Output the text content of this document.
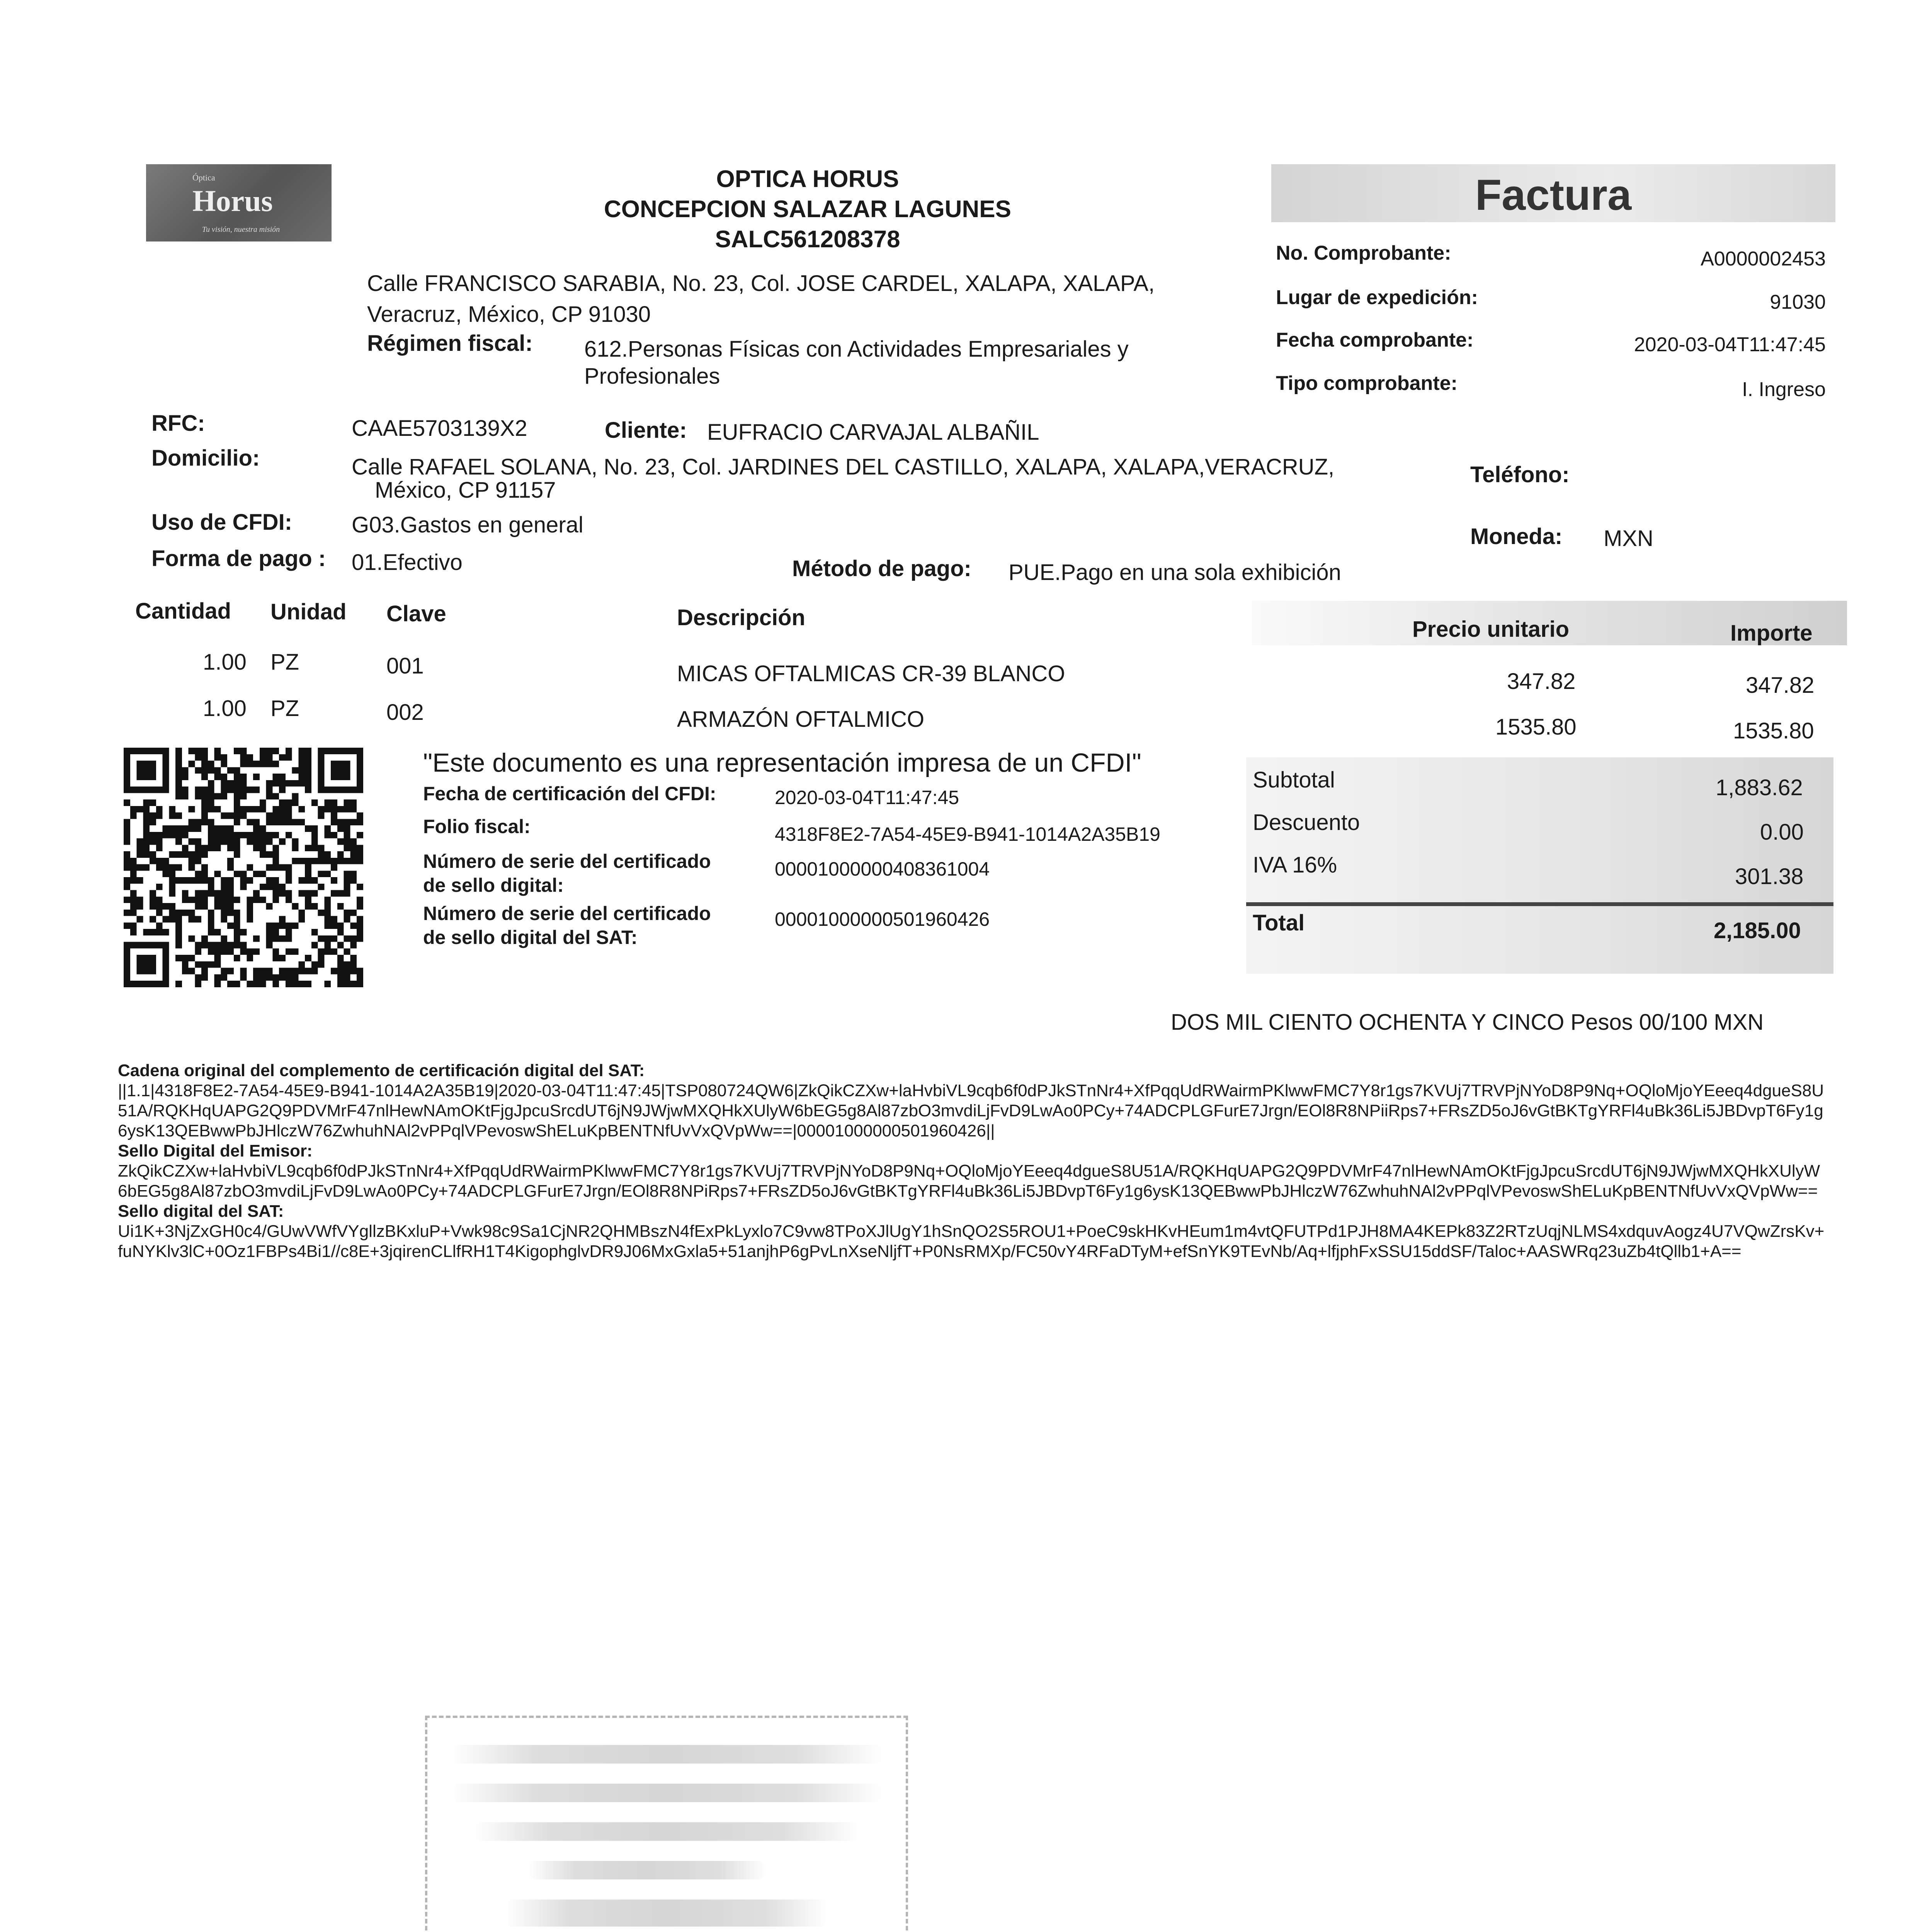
Óptica
Horus
Tu visión, nuestra misión
OPTICA HORUS
CONCEPCION SALAZAR LAGUNES
SALC561208378
Calle FRANCISCO SARABIA, No. 23, Col. JOSE CARDEL, XALAPA, XALAPA,
Veracruz, México, CP 91030
Régimen fiscal: 612.Personas Físicas con Actividades Empresariales y
Profesionales
Factura
No. Comprobante:	A0000002453
Lugar de expedición:	91030
Fecha comprobante:	2020-03-04T11:47:45
Tipo comprobante:	I. Ingreso
RFC:	CAAE5703139X2	Cliente: EUFRACIO CARVAJAL ALBAÑIL
Domicilio:	Calle RAFAEL SOLANA, No. 23, Col. JARDINES DEL CASTILLO, XALAPA, XALAPA,VERACRUZ,
México, CP 91157
Teléfono:
Uso de CFDI:	G03.Gastos en general	Moneda: MXN
Forma de pago : 01.Efectivo	Método de pago: PUE.Pago en una sola exhibición
Cantidad Unidad Clave	Descripción	Precio unitario	Importe
1.00 PZ	001	MICAS OFTALMICAS CR-39 BLANCO	347.82	347.82
1.00 PZ	002	ARMAZÓN OFTALMICO	1535.80	1535.80
"Este documento es una representación impresa de un CFDI"
Fecha de certificación del CFDI:	2020-03-04T11:47:45
Folio fiscal:	4318F8E2-7A54-45E9-B941-1014A2A35B19
Número de serie del certificado
de sello digital:
00001000000408361004
Número de serie del certificado
de sello digital del SAT:
00001000000501960426
Subtotal	1,883.62
Descuento	0.00
IVA 16%	301.38
Total	2,185.00
DOS MIL CIENTO OCHENTA Y CINCO Pesos 00/100 MXN
Cadena original del complemento de certificación digital del SAT:
||1.1|4318F8E2-7A54-45E9-B941-1014A2A35B19|2020-03-04T11:47:45|TSP080724QW6|ZkQikCZXw+laHvbiVL9cqb6f0dPJkSTnNr4+XfPqqUdRWairmPKlwwFMC7Y8r1gs7KVUj7TRVPjNYoD8P9Nq+OQloMjoYEeeq4dgueS8U51A/RQKHqUAPG2Q9PDVMrF47nlHewNAmOKtFjgJpcuSrcdUT6jN9JWjwMXQHkXUlyW6bEG5g8Al87zbO3mvdiLjFvD9LwAo0PCy+74ADCPLGFurE7Jrgn/EOl8R8NPiiRps7+FRsZD5oJ6vGtBKTgYRFl4uBk36Li5JBDvpT6Fy1g6ysK13QEBwwPbJHlczW76ZwhuhNAl2vPPqlVPevoswShELuKpBENTNfUvVxQVpWw==|00001000000501960426||
Sello Digital del Emisor:
ZkQikCZXw+laHvbiVL9cqb6f0dPJkSTnNr4+XfPqqUdRWairmPKlwwFMC7Y8r1gs7KVUj7TRVPjNYoD8P9Nq+OQloMjoYEeeq4dgueS8U51A/RQKHqUAPG2Q9PDVMrF47nlHewNAmOKtFjgJpcuSrcdUT6jN9JWjwMXQHkXUlyW6bEG5g8Al87zbO3mvdiLjFvD9LwAo0PCy+74ADCPLGFurE7Jrgn/EOl8R8NPiRps7+FRsZD5oJ6vGtBKTgYRFl4uBk36Li5JBDvpT6Fy1g6ysK13QEBwwPbJHlczW76ZwhuhNAl2vPPqlVPevoswShELuKpBENTNfUvVxQVpWw==
Sello digital del SAT:
Ui1K+3NjZxGH0c4/GUwVWfVYgllzBKxluP+Vwk98c9Sa1CjNR2QHMBszN4fExPkLyxlo7C9vw8TPoXJlUgY1hSnQO2S5ROU1+PoeC9skHKvHEum1m4vtQFUTPd1PJH8MA4KEPk83Z2RTzUqjNLMS4xdquvAogz4U7VQwZrsKv+fuNYKlv3lC+0Oz1FBPs4Bi1//c8E+3jqirenCLlfRH1T4KigophglvDR9J06MxGxla5+51anjhP6gPvLnXseNljfT+P0NsRMXp/FC50vY4RFaDTyM+efSnYK9TEvNb/Aq+lfjphFxSSU15ddSF/Taloc+AASWRq23uZb4tQllb1+A==
